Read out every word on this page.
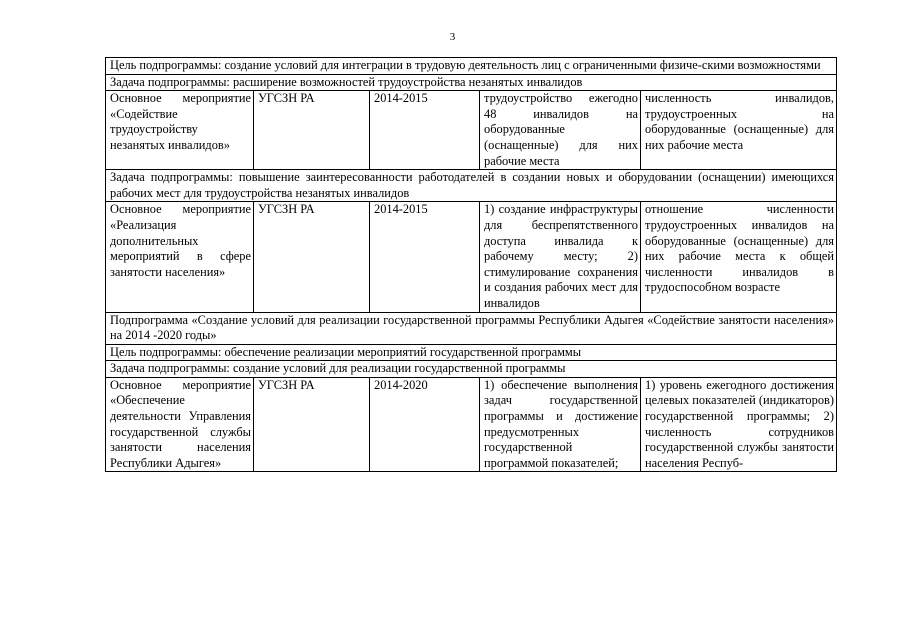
3
Цель подпрограммы: создание условий для интеграции в трудовую деятельность лиц с ограниченными физиче-скими возможностями				
Задача подпрограммы: расширение возможностей трудоустройства незанятых инвалидов				
Основное мероприятие «Содействие трудоустройству незанятых инвалидов»	УГСЗН РА	2014-2015	трудоустройство ежегодно 48 инвалидов на оборудованные (оснащенные) для них рабочие места	численность инвалидов, трудоустроенных на оборудованные (оснащенные) для них рабочие места
Задача подпрограммы: повышение заинтересованности работодателей в создании новых и оборудовании (оснащении) имеющихся рабочих мест для трудоустройства незанятых инвалидов				
Основное мероприятие «Реализация дополнительных мероприятий в сфере занятости населения»	УГСЗН РА	2014-2015	1) создание инфраструктуры для беспрепятственного доступа инвалида к рабочему месту; 2) стимулирование сохранения и создания рабочих мест для инвалидов	отношение численности трудоустроенных инвалидов на оборудованные (оснащенные) для них рабочие места к общей численности инвалидов в трудоспособном возрасте
Подпрограмма «Создание условий для реализации государственной программы Республики Адыгея «Содействие занятости населения» на 2014 -2020 годы»				
Цель подпрограммы: обеспечение реализации мероприятий государственной программы				
Задача подпрограммы: создание условий для реализации государственной программы				
Основное мероприятие «Обеспечение деятельности Управления государственной службы занятости населения Республики Адыгея»	УГСЗН РА	2014-2020	1) обеспечение выполнения задач государственной программы и достижение предусмотренных государственной программой показателей;	1) уровень ежегодного достижения целевых показателей (индикаторов) государственной программы; 2) численность сотрудников государственной службы занятости населения Респуб-
